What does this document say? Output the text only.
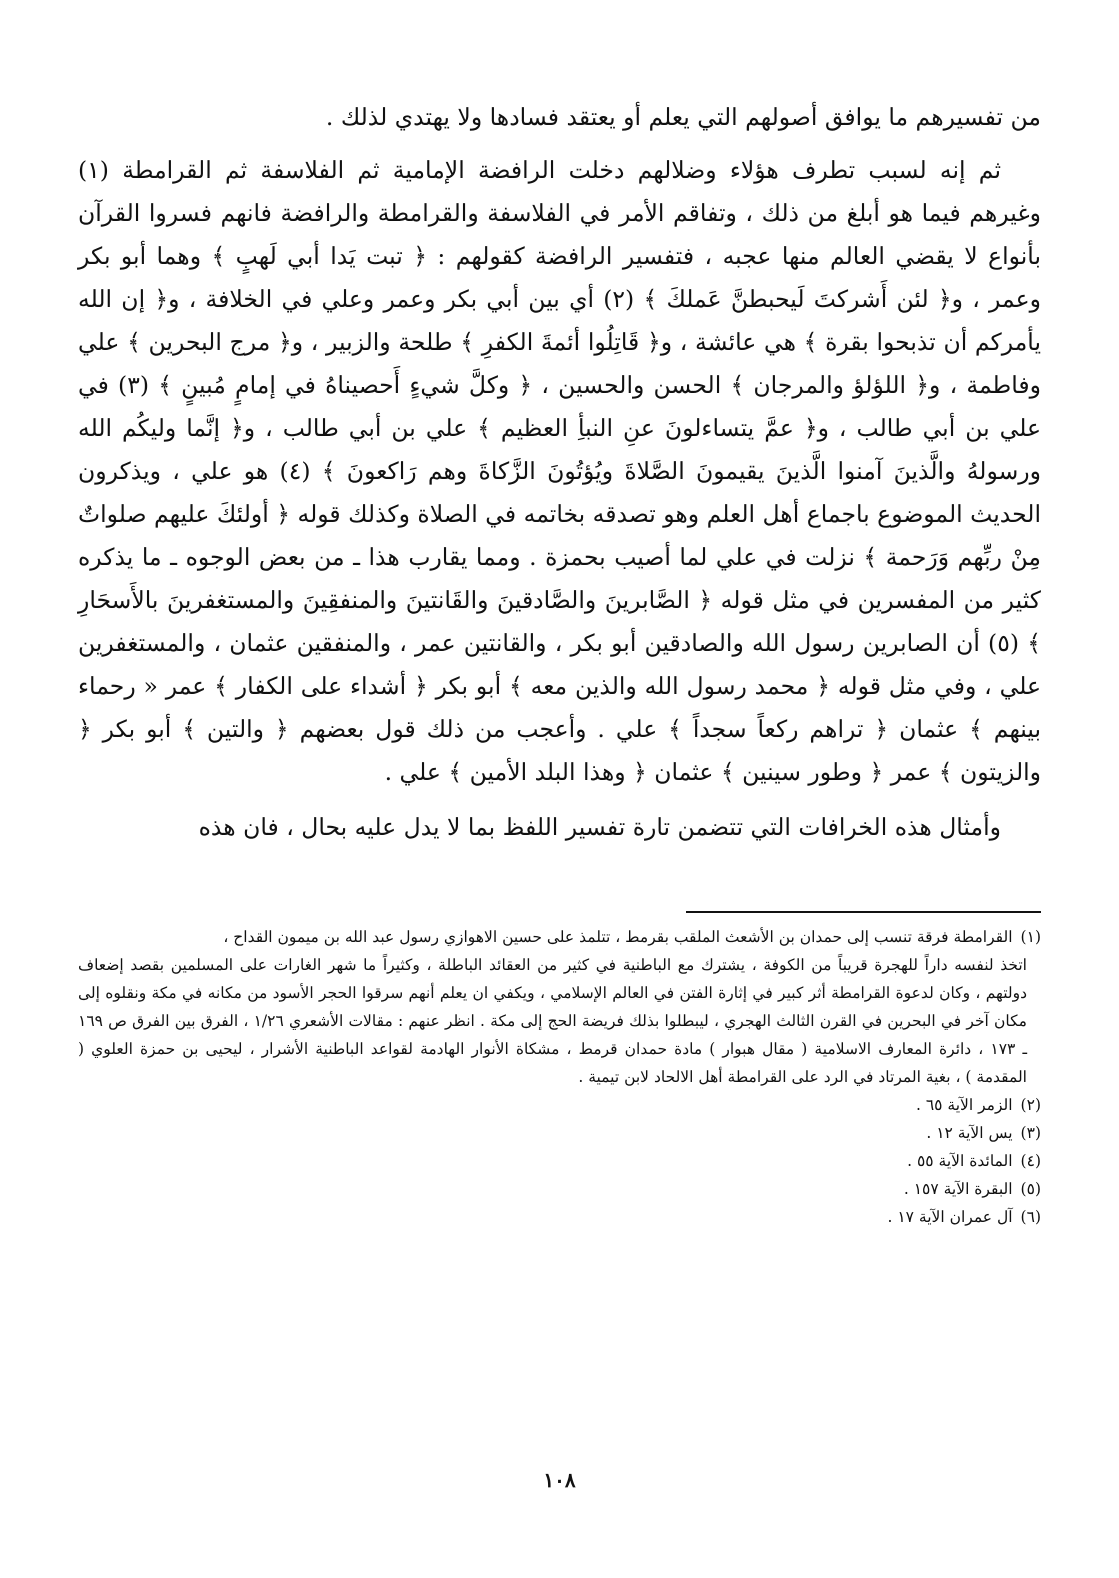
من تفسيرهم ما يوافق أصولهم التي يعلم أو يعتقد فسادها ولا يهتدي لذلك .

ثم إنه لسبب تطرف هؤلاء وضلالهم دخلت الرافضة الإمامية ثم الفلاسفة ثم القرامطة (١) وغيرهم فيما هو أبلغ من ذلك ، وتفاقم الأمر في الفلاسفة والقرامطة والرافضة فانهم فسروا القرآن بأنواع لا يقضي العالم منها عجبه ، فتفسير الرافضة كقولهم : ﴿ تبت يَدا أبي لَهبٍ ﴾ وهما أبو بكر وعمر ، و﴿ لئن أَشركتَ لَيحبطنَّ عَملكَ ﴾ (٢) أي بين أبي بكر وعمر وعلي في الخلافة ، و﴿ إن الله يأمركم أن تذبحوا بقرة ﴾ هي عائشة ، و﴿ قَاتِلُوا أئمةَ الكفرِ ﴾ طلحة والزبير ، و﴿ مرج البحرين ﴾ علي وفاطمة ، و﴿ اللؤلؤ والمرجان ﴾ الحسن والحسين ، ﴿ وكلَّ شيءٍ أَحصيناهُ في إمامٍ مُبينٍ ﴾ (٣) في علي بن أبي طالب ، و﴿ عمَّ يتساءلونَ عنِ النبأِ العظيم ﴾ علي بن أبي طالب ، و﴿ إنَّما وليكُم الله ورسولهُ والَّذينَ آمنوا الَّذينَ يقيمونَ الصَّلاةَ ويُؤتُونَ الزَّكاةَ وهم رَاكعونَ ﴾ (٤) هو علي ، ويذكرون الحديث الموضوع باجماع أهل العلم وهو تصدقه بخاتمه في الصلاة وكذلك قوله ﴿ أولئكَ عليهم صلواتٌ مِنْ ربِّهم وَرَحمة ﴾ نزلت في علي لما أصيب بحمزة . ومما يقارب هذا ـ من بعض الوجوه ـ ما يذكره كثير من المفسرين في مثل قوله ﴿ الصَّابرينَ والصَّادقينَ والقَانتينَ والمنفقِينَ والمستغفرينَ بالأَسحَارِ ﴾ (٥) أن الصابرين رسول الله والصادقين أبو بكر ، والقانتين عمر ، والمنفقين عثمان ، والمستغفرين علي ، وفي مثل قوله ﴿ محمد رسول الله والذين معه ﴾ أبو بكر ﴿ أشداء على الكفار ﴾ عمر « رحماء بينهم ﴾ عثمان ﴿ تراهم ركعاً سجداً ﴾ علي . وأعجب من ذلك قول بعضهم ﴿ والتين ﴾ أبو بكر ﴿ والزيتون ﴾ عمر ﴿ وطور سينين ﴾ عثمان ﴿ وهذا البلد الأمين ﴾ علي .

وأمثال هذه الخرافات التي تتضمن تارة تفسير اللفظ بما لا يدل عليه بحال ، فان هذه

(١)
القرامطة فرقة تنسب إلى حمدان بن الأشعث الملقب بقرمط ، تتلمذ على حسين الاهوازي رسول عبد الله بن ميمون القداح ،
اتخذ لنفسه داراً للهجرة قريباً من الكوفة ، يشترك مع الباطنية في كثير من العقائد الباطلة ، وكثيراً ما شهر الغارات على المسلمين بقصد إضعاف دولتهم ، وكان لدعوة القرامطة أثر كبير في إثارة الفتن في العالم الإسلامي ، ويكفي ان يعلم أنهم سرقوا الحجر الأسود من مكانه في مكة ونقلوه إلى مكان آخر في البحرين في القرن الثالث الهجري ، ليبطلوا بذلك فريضة الحج إلى مكة . انظر عنهم : مقالات الأشعري ١/٢٦ ، الفرق بين الفرق ص ١٦٩ ـ ١٧٣ ، دائرة المعارف الاسلامية ( مقال هبوار ) مادة حمدان قرمط ، مشكاة الأنوار الهادمة لقواعد الباطنية الأشرار ، ليحيى بن حمزة العلوي ( المقدمة ) ، بغية المرتاد في الرد على القرامطة أهل الالحاد لابن تيمية .
(٢)
الزمر الآية ٦٥ .
(٣)
يس الآية ١٢ .
(٤)
المائدة الآية ٥٥ .
(٥)
البقرة الآية ١٥٧ .
(٦)
آل عمران الآية ١٧ .
١٠٨
